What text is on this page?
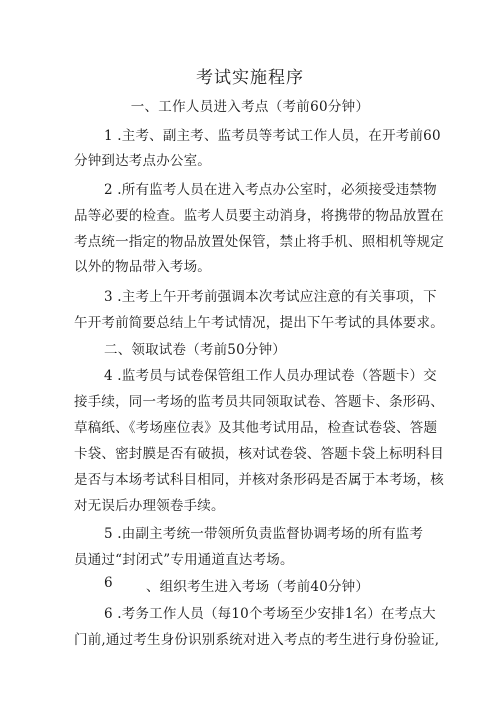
考试实施程序
一、工作人员进入考点（考前60分钟）
1 .主考、副主考、监考员等考试工作人员，在开考前60
分钟到达考点办公室。
2 .所有监考人员在进入考点办公室时，必须接受违禁物
品等必要的检查。监考人员要主动消身，将携带的物品放置在
考点统一指定的物品放置处保管，禁止将手机、照相机等规定
以外的物品带入考场。
3 .主考上午开考前强调本次考试应注意的有关事项，下
午开考前简要总结上午考试情况，提出下午考试的具体要求。
二、领取试卷（考前50分钟）
4 .监考员与试卷保管组工作人员办理试卷（答题卡）交
接手续，同一考场的监考员共同领取试卷、答题卡、条形码、
草稿纸、《考场座位表》及其他考试用品，检查试卷袋、答题
卡袋、密封膜是否有破损，核对试卷袋、答题卡袋上标明科目
是否与本场考试科目相同，并核对条形码是否属于本考场，核
对无误后办理领卷手续。
5 .由副主考统一带领所负责监督协调考场的所有监考
员通过“封闭式”专用通道直达考场。
6 、组织考生进入考场（考前40分钟）
6 .考务工作人员（每10个考场至少安排1名）在考点大
门前,通过考生身份识别系统对进入考点的考生进行身份验证,
